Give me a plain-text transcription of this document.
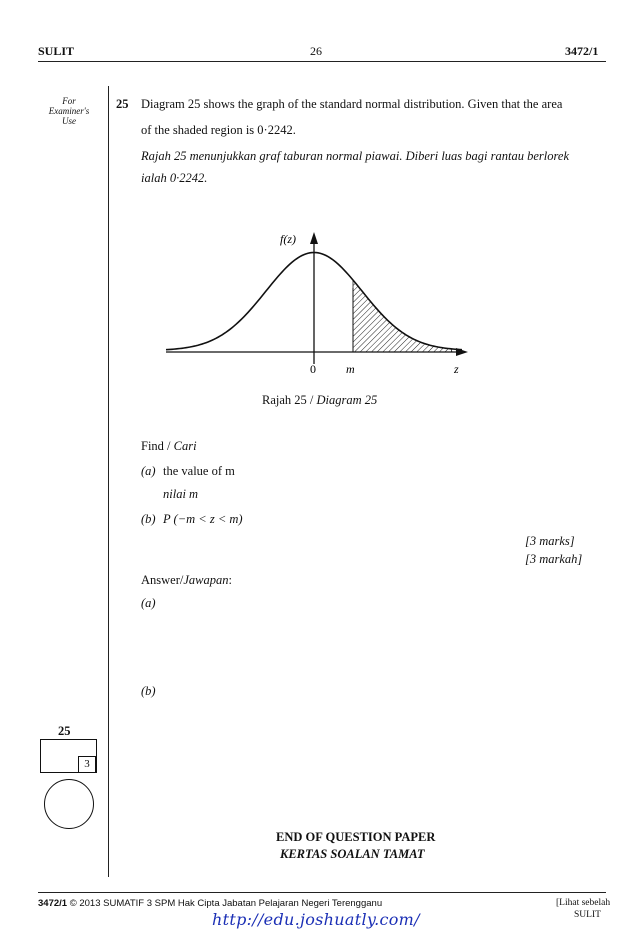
SULIT	26	3472/1
For
Examiner's
Use
25 Diagram 25 shows the graph of the standard normal distribution. Given that the area
of the shaded region is 0·2242.
Rajah 25 menunjukkan graf taburan normal piawai. Diberi luas bagi rantau berlorek
ialah 0·2242.
f(z)
0	m	z
Rajah 25 / Diagram 25
Find / Cari
(a) the value of m
nilai m
(b) P (−m < z < m)
[3 marks]
[3 markah]
Answer/Jawapan:
(a)
(b)
25
3
END OF QUESTION PAPER
KERTAS SOALAN TAMAT
3472/1 © 2013 SUMATIF 3 SPM Hak Cipta Jabatan Pelajaran Negeri Terengganu	[Lihat sebelah
SULIT
http://edu.joshuatly.com/
